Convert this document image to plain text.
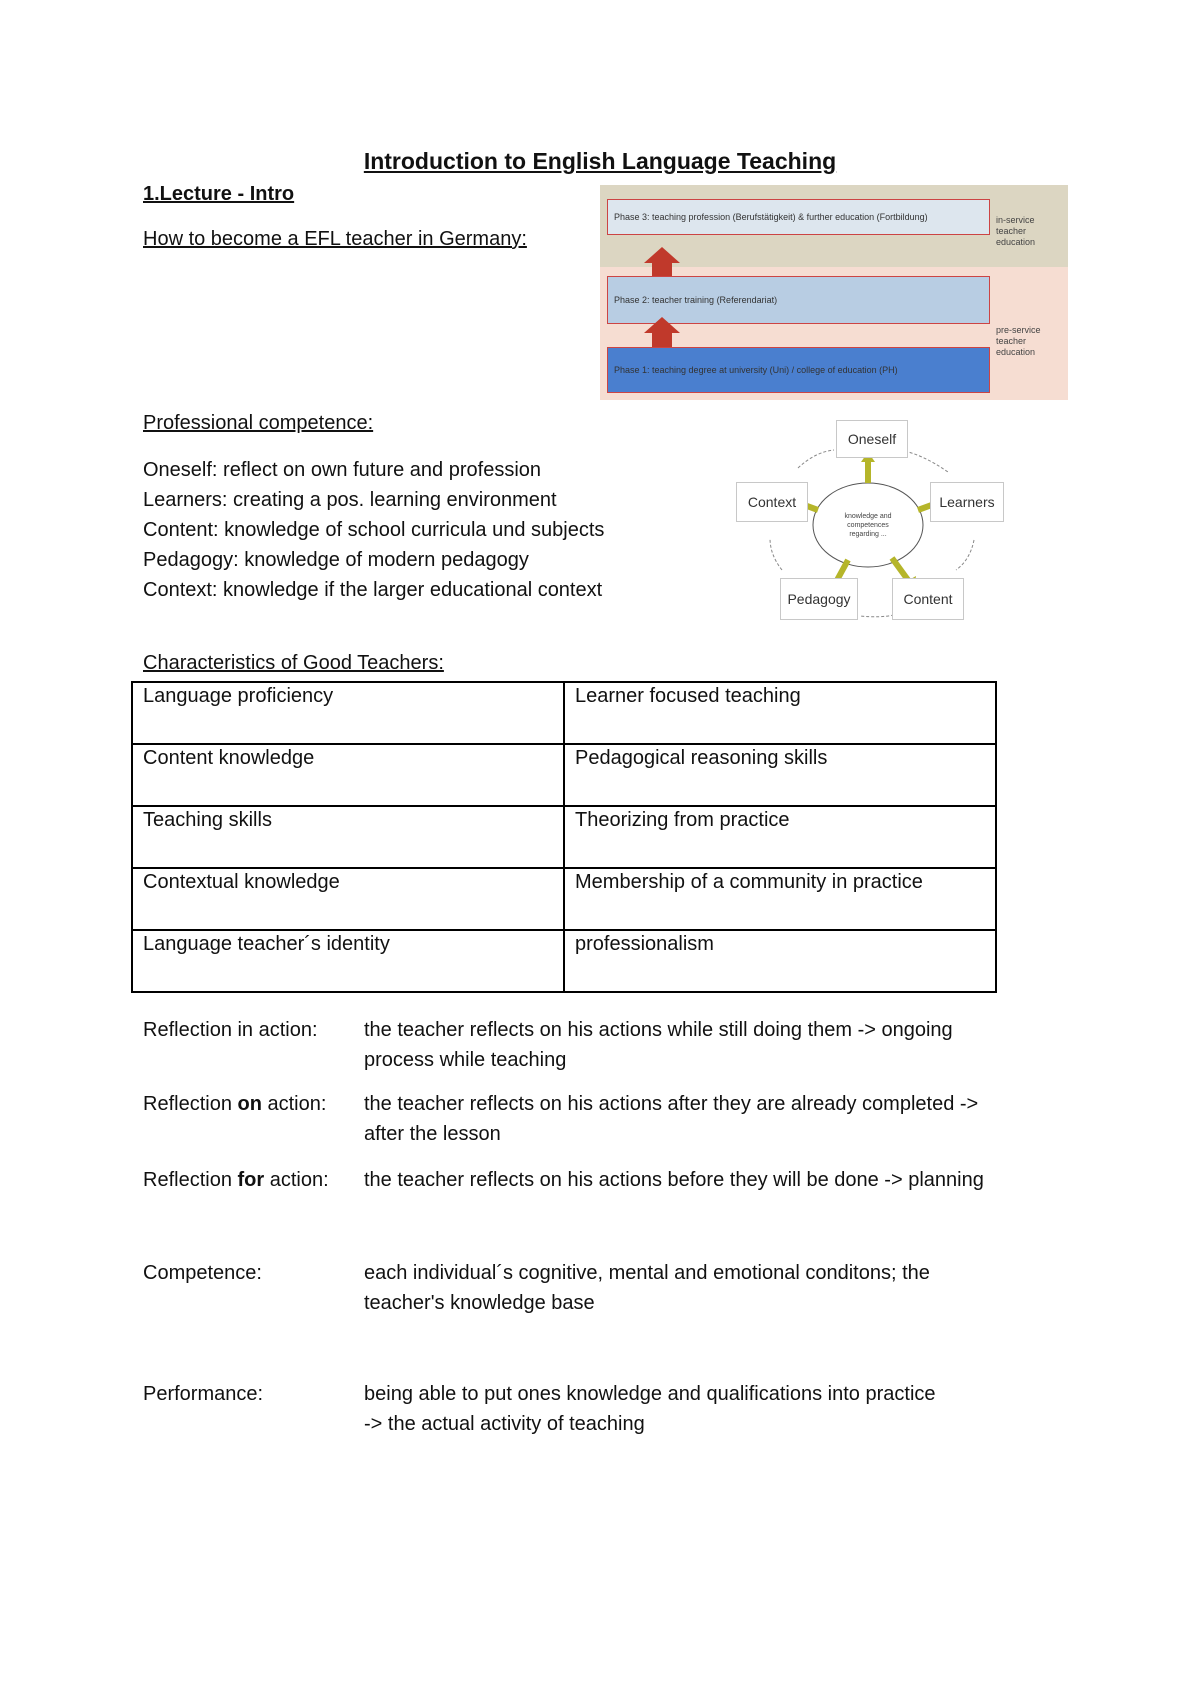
Introduction to English Language Teaching
1.Lecture - Intro
How to become a EFL teacher in Germany:
Phase 3: teaching profession (Berufstätigkeit) & further education (Fortbildung)
Phase 2: teacher training (Referendariat)
Phase 1: teaching degree at university (Uni) / college of education (PH)
in-service teacher education
pre-service teacher education
Professional competence:
Oneself: reflect on own future and profession
Learners: creating a pos. learning environment
Content: knowledge of school curricula und subjects
Pedagogy: knowledge of modern pedagogy
Context: knowledge if the larger educational context
knowledge and
competences
regarding ...
Oneself
Learners
Content
Pedagogy
Context
Characteristics of Good Teachers:
Language proficiency	Learner focused teaching
Content knowledge	Pedagogical reasoning skills
Teaching skills	Theorizing from practice
Contextual knowledge	Membership of a community in practice
Language teacher´s identity	professionalism
Reflection in action: the teacher reflects on his actions while still doing them -> ongoing
process while teaching
Reflection on action: the teacher reflects on his actions after they are already completed ->
after the lesson
Reflection for action: the teacher reflects on his actions before they will be done -> planning
Competence:	each individual´s cognitive, mental and emotional conditons; the
teacher's knowledge base
Performance:	being able to put ones knowledge and qualifications into practice
-> the actual activity of teaching
